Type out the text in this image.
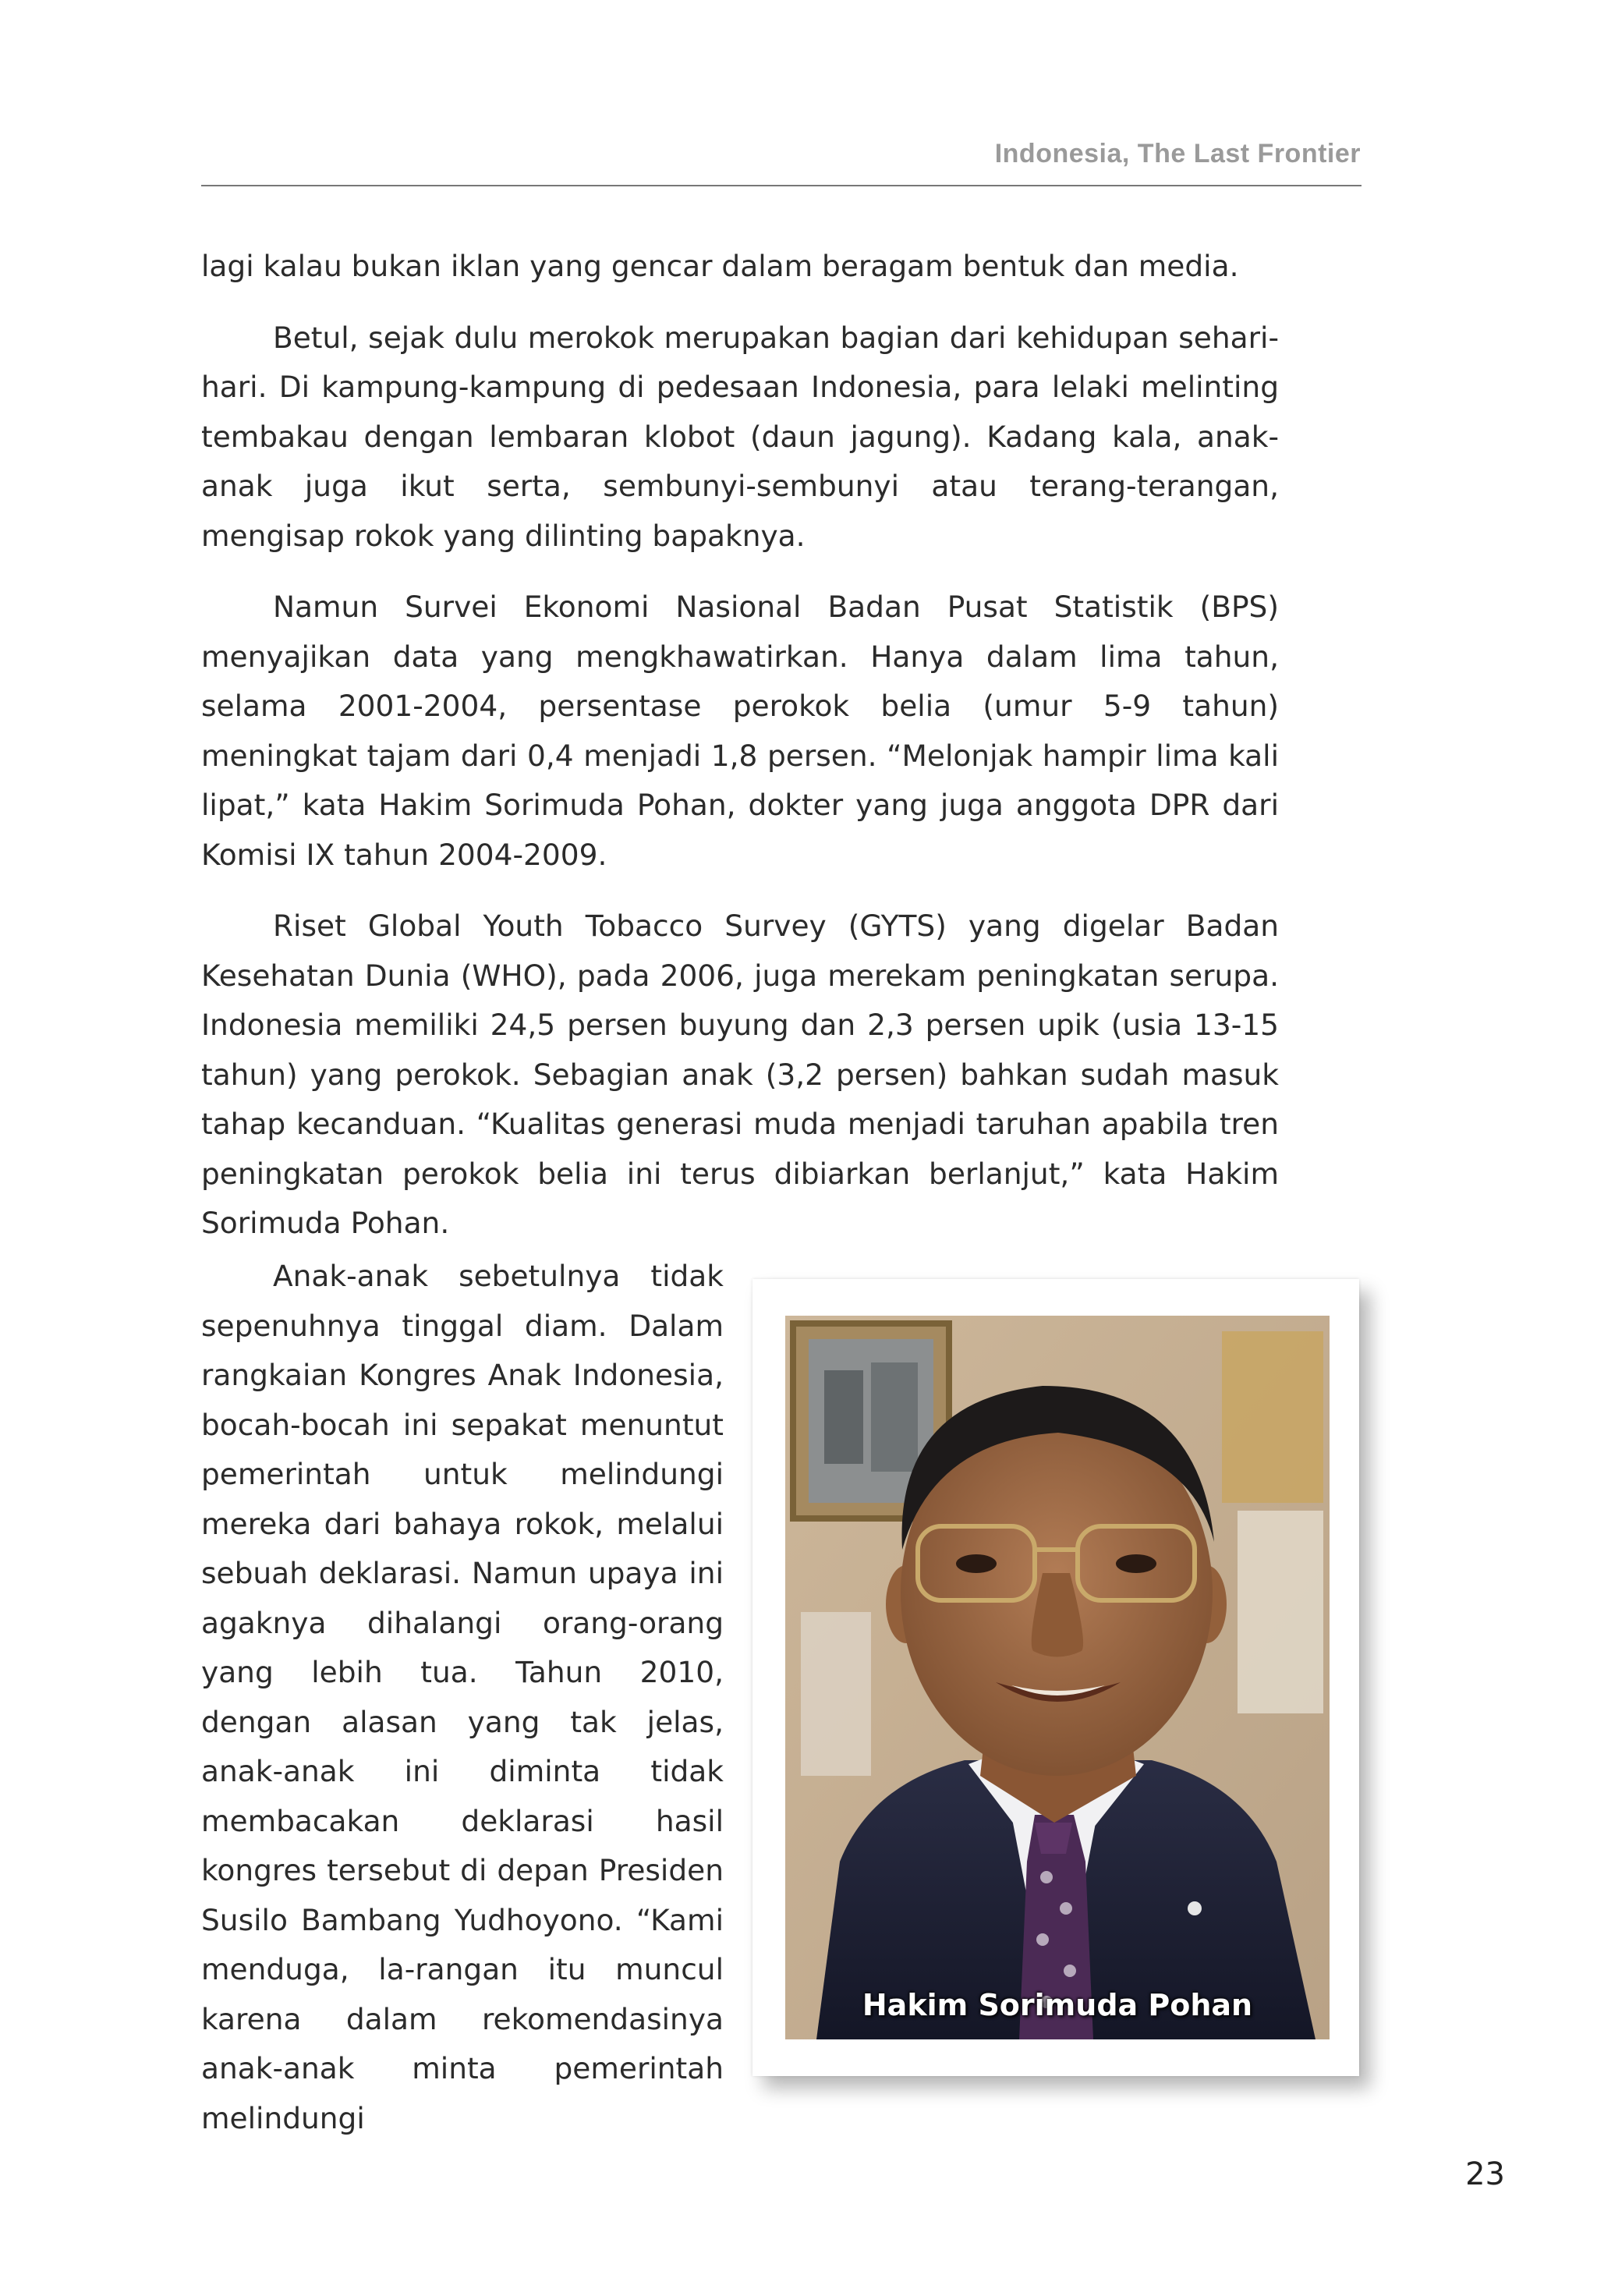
Indonesia, The Last Frontier

lagi kalau bukan iklan yang gencar dalam beragam bentuk dan media.

Betul, sejak dulu merokok merupakan bagian dari kehidupan sehari-hari. Di kampung-kampung di pedesaan Indonesia, para lelaki melinting tembakau dengan lembaran klobot (daun jagung). Kadang kala, anak-anak juga ikut serta, sembunyi-sembunyi atau terang-terangan, mengisap rokok yang dilinting bapaknya.

Namun Survei Ekonomi Nasional Badan Pusat Statistik (BPS) menyajikan data yang mengkhawatirkan. Hanya dalam lima tahun, selama 2001-2004, persentase perokok belia (umur 5-9 tahun) meningkat tajam dari 0,4 menjadi 1,8 persen. “Melonjak hampir lima kali lipat,” kata Hakim Sorimuda Pohan, dokter yang juga anggota DPR dari Komisi IX tahun 2004-2009.

Riset Global Youth Tobacco Survey (GYTS) yang digelar Badan Kesehatan Dunia (WHO), pada 2006, juga merekam peningkatan serupa. Indonesia memiliki 24,5 persen buyung dan 2,3 persen upik (usia 13-15 tahun) yang perokok. Sebagian anak (3,2 persen) bahkan sudah masuk tahap kecanduan. “Kualitas generasi muda menjadi taruhan apabila tren peningkatan perokok belia ini terus dibiarkan berlanjut,” kata Hakim Sorimuda Pohan.

Anak-anak sebetulnya tidak sepenuhnya tinggal diam. Dalam rangkaian Kongres Anak Indonesia, bocah-bocah ini sepakat menuntut pemerintah untuk melindungi mereka dari bahaya rokok, melalui sebuah deklarasi. Namun upaya ini agaknya dihalangi orang-orang yang lebih tua. Tahun 2010, dengan alasan yang tak jelas, anak-anak ini diminta tidak membacakan deklarasi hasil kongres tersebut di depan Presiden Susilo Bambang Yudhoyono. “Kami menduga, la-rangan itu muncul karena dalam rekomendasinya anak-anak minta pemerintah melindungi

Hakim Sorimuda Pohan
23
